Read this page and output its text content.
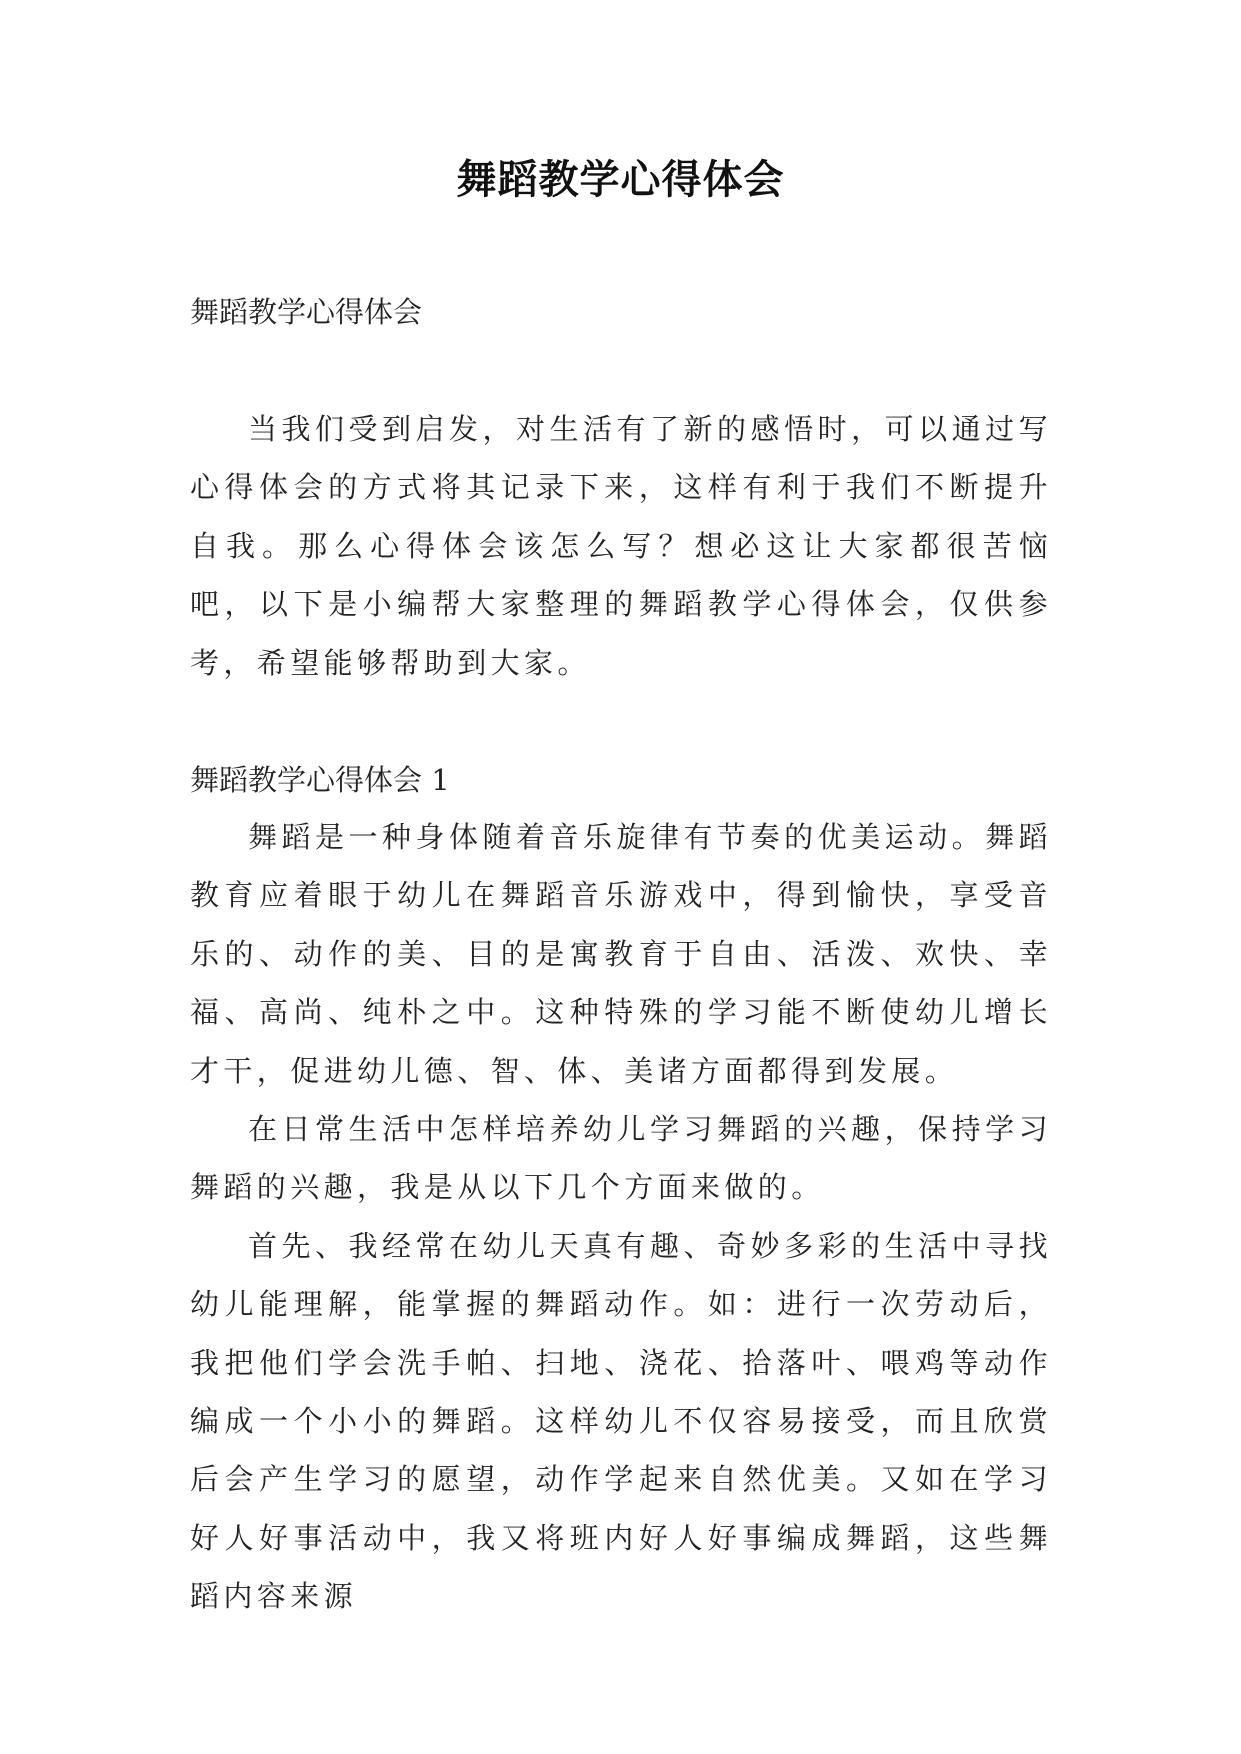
舞蹈教学心得体会

舞蹈教学心得体会

当我们受到启发，对生活有了新的感悟时，可以通过写心得体会的方式将其记录下来，这样有利于我们不断提升自我。那么心得体会该怎么写？想必这让大家都很苦恼吧，以下是小编帮大家整理的舞蹈教学心得体会，仅供参考，希望能够帮助到大家。

舞蹈教学心得体会 1

舞蹈是一种身体随着音乐旋律有节奏的优美运动。舞蹈教育应着眼于幼儿在舞蹈音乐游戏中，得到愉快，享受音乐的、动作的美、目的是寓教育于自由、活泼、欢快、幸福、高尚、纯朴之中。这种特殊的学习能不断使幼儿增长才干，促进幼儿德、智、体、美诸方面都得到发展。

在日常生活中怎样培养幼儿学习舞蹈的兴趣，保持学习舞蹈的兴趣，我是从以下几个方面来做的。

首先、我经常在幼儿天真有趣、奇妙多彩的生活中寻找幼儿能理解，能掌握的舞蹈动作。如：进行一次劳动后，我把他们学会洗手帕、扫地、浇花、拾落叶、喂鸡等动作编成一个小小的舞蹈。这样幼儿不仅容易接受，而且欣赏后会产生学习的愿望，动作学起来自然优美。又如在学习好人好事活动中，我又将班内好人好事编成舞蹈，这些舞蹈内容来源
